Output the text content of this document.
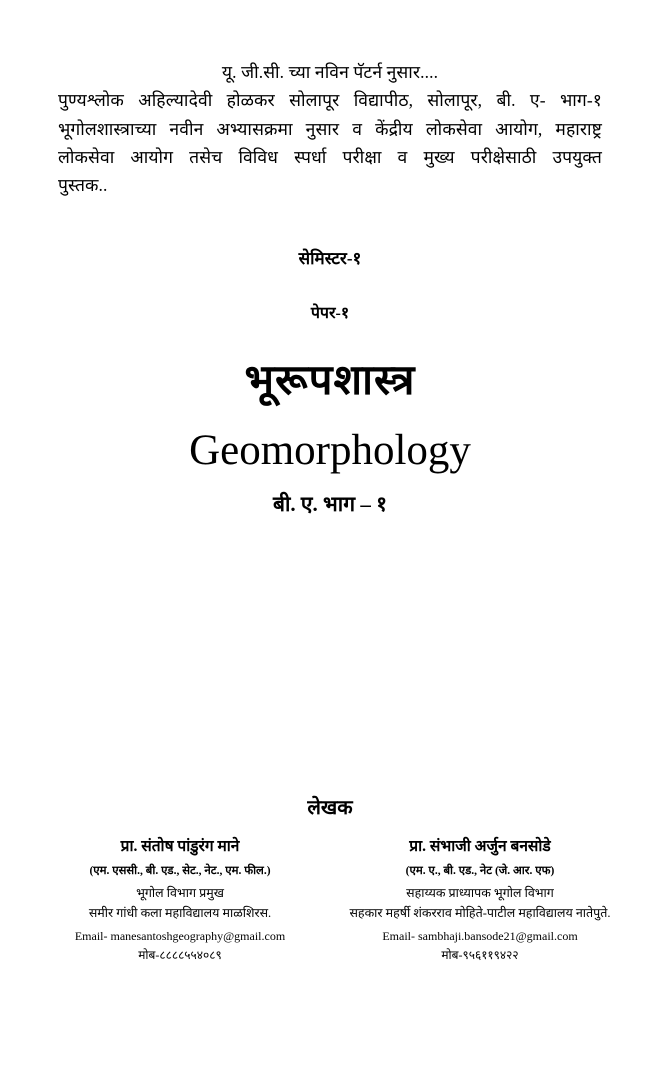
यू. जी.सी. च्या नविन पॅटर्न नुसार....
पुण्यश्लोक अहिल्यादेवी होळकर सोलापूर विद्यापीठ, सोलापूर, बी. ए- भाग-१
भूगोलशास्त्राच्या नवीन अभ्यासक्रमा नुसार व केंद्रीय लोकसेवा आयोग, महाराष्ट्र
लोकसेवा आयोग तसेच विविध स्पर्धा परीक्षा व मुख्य परीक्षेसाठी उपयुक्त
पुस्तक..
सेमिस्टर-१
पेपर-१
भूरूपशास्त्र
Geomorphology
बी. ए. भाग – १
लेखक
प्रा. संतोष पांडुरंग माने
(एम. एससी., बी. एड., सेट., नेट., एम. फील.)
भूगोल विभाग प्रमुख
समीर गांधी कला महाविद्यालय माळशिरस.
Email- manesantoshgeography@gmail.com
मोब-८८८८५५४०८९
प्रा. संभाजी अर्जुन बनसोडे
(एम. ए., बी. एड., नेट (जे. आर. एफ)
सहाय्यक प्राध्यापक भूगोल विभाग
सहकार महर्षी शंकरराव मोहिते-पाटील महाविद्यालय नातेपुते.
Email- sambhaji.bansode21@gmail.com
मोब-९५६११९४२२
